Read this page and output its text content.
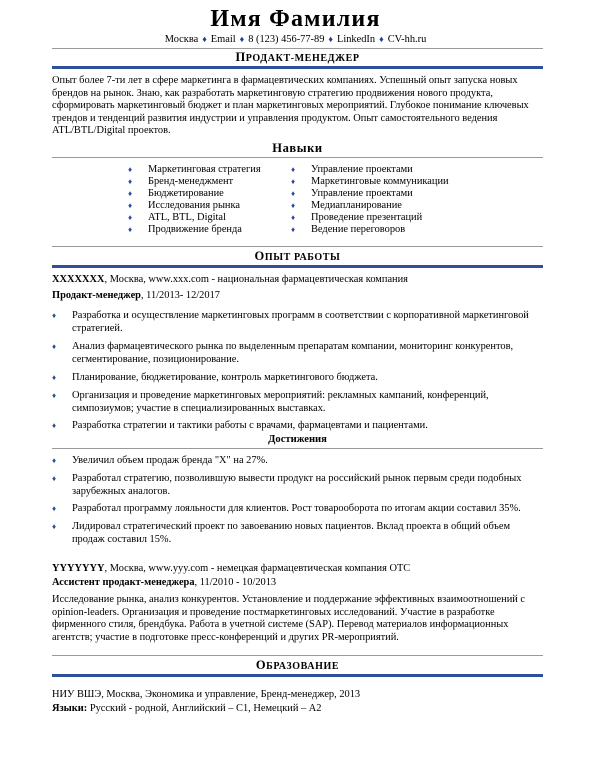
Имя Фамилия
Москва ♦ Email ♦ 8 (123) 456-77-89 ♦ LinkedIn ♦ CV-hh.ru
ПРОДАКТ-МЕНЕДЖЕР
Опыт более 7-ти лет в сфере маркетинга в фармацевтических компаниях. Успешный опыт запуска новых брендов на рынок. Знаю, как разработать маркетинговую стратегию продвижения нового продукта, сформировать маркетинговый бюджет и план маркетинговых мероприятий. Глубокое понимание ключевых трендов и тенденций развития индустрии и управления продуктом. Опыт самостоятельного ведения ATL/BTL/Digital проектов.
Навыки
♦ Маркетинговая стратегия
♦ Бренд-менеджмент
♦ Бюджетирование
♦ Исследования рынка
♦ ATL, BTL, Digital
♦ Продвижение бренда
♦ Управление проектами
♦ Маркетинговые коммуникации
♦ Управление проектами
♦ Медиапланирование
♦ Проведение презентаций
♦ Ведение переговоров
ОПЫТ РАБОТЫ
XXXXXXX, Москва, www.xxx.com - национальная фармацевтическая компания
Продакт-менеджер, 11/2013- 12/2017
♦	Разработка и осуществление маркетинговых программ в соответствии с корпоративной маркетинговой стратегией.
♦	Анализ фармацевтического рынка по выделенным препаратам компании, мониторинг конкурентов, сегментирование, позиционирование.
♦	Планирование, бюджетирование, контроль маркетингового бюджета.
♦	Организация и проведение маркетинговых мероприятий: рекламных кампаний, конференций, симпозиумов; участие в специализированных выставках.
♦	Разработка стратегии и тактики работы с врачами, фармацевтами и пациентами.
Достижения
♦	Увеличил объем продаж бренда "Х" на 27%.
♦	Разработал стратегию, позволившую вывести продукт на российский рынок первым среди подобных зарубежных аналогов.
♦	Разработал программу лояльности для клиентов. Рост товарооборота по итогам акции составил 35%.
♦	Лидировал стратегический проект по завоеванию новых пациентов. Вклад проекта в общий объем продаж составил 15%.
YYYYYYY, Москва, www.yyy.com - немецкая фармацевтическая компания ОТС
Ассистент продакт-менеджера, 11/2010 - 10/2013
Исследование рынка, анализ конкурентов. Установление и поддержание эффективных взаимоотношений с opinion-leaders. Организация и проведение постмаркетинговых исследований. Участие в разработке фирменного стиля, брендбука. Работа в учетной системе (SAP). Перевод материалов информационных агентств; участие в подготовке пресс-конференций и других PR-мероприятий.
ОБРАЗОВАНИЕ
НИУ ВШЭ, Москва, Экономика и управление, Бренд-менеджер, 2013
Языки: Русский - родной, Английский – С1, Немецкий – А2
